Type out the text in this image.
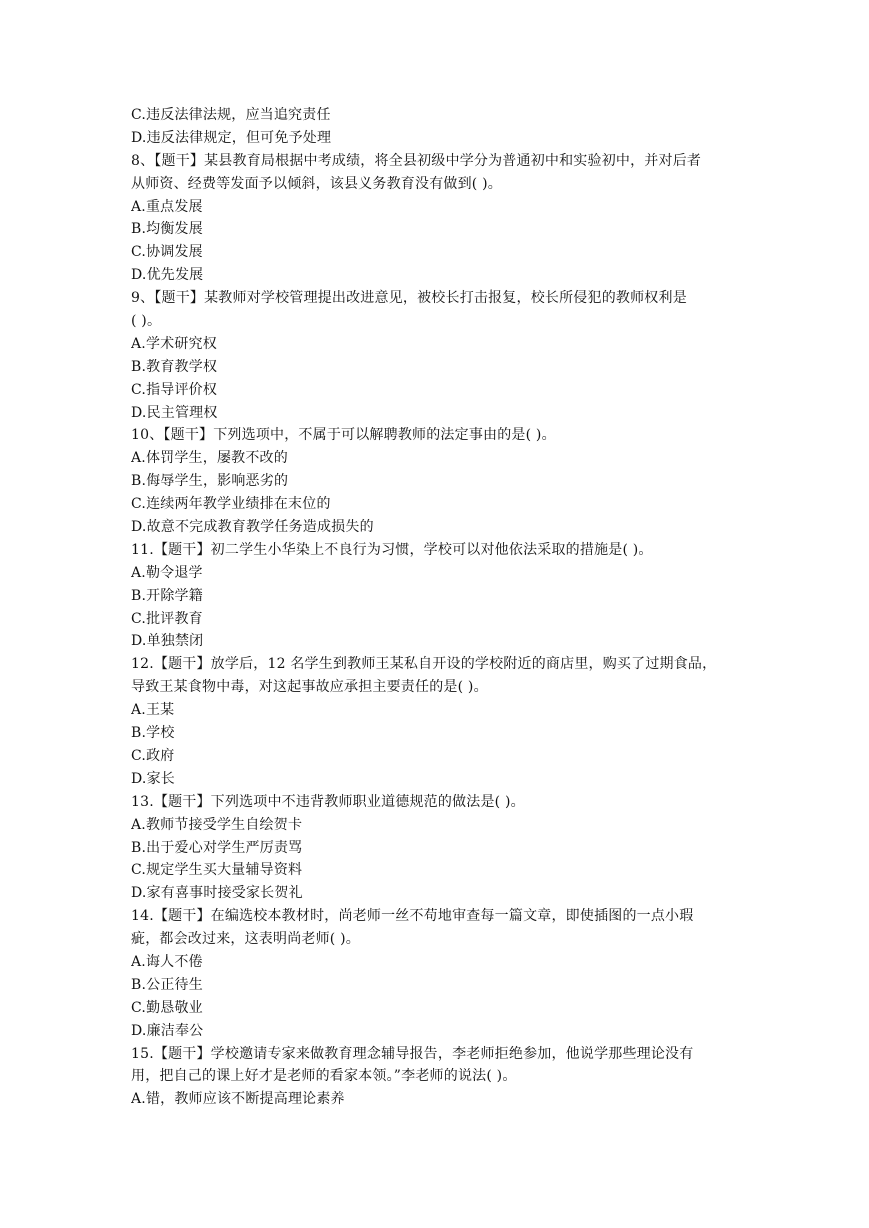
C.违反法律法规，应当追究责任
D.违反法律规定，但可免予处理
8、【题干】某县教育局根据中考成绩，将全县初级中学分为普通初中和实验初中，并对后者
从师资、经费等发面予以倾斜，该县义务教育没有做到( )。
A.重点发展
B.均衡发展
C.协调发展
D.优先发展
9、【题干】某教师对学校管理提出改进意见，被校长打击报复，校长所侵犯的教师权利是
( )。
A.学术研究权
B.教育教学权
C.指导评价权
D.民主管理权
10、【题干】下列选项中，不属于可以解聘教师的法定事由的是( )。
A.体罚学生，屡教不改的
B.侮辱学生，影响恶劣的
C.连续两年教学业绩排在末位的
D.故意不完成教育教学任务造成损失的
11.【题干】初二学生小华染上不良行为习惯，学校可以对他依法采取的措施是( )。
A.勒令退学
B.开除学籍
C.批评教育
D.单独禁闭
12.【题干】放学后，12 名学生到教师王某私自开设的学校附近的商店里，购买了过期食品，
导致王某食物中毒，对这起事故应承担主要责任的是( )。
A.王某
B.学校
C.政府
D.家长
13.【题干】下列选项中不违背教师职业道德规范的做法是( )。
A.教师节接受学生自绘贺卡
B.出于爱心对学生严厉责骂
C.规定学生买大量辅导资料
D.家有喜事时接受家长贺礼
14.【题干】在编选校本教材时，尚老师一丝不苟地审查每一篇文章，即使插图的一点小瑕
疵，都会改过来，这表明尚老师( )。
A.诲人不倦
B.公正待生
C.勤恳敬业
D.廉洁奉公
15.【题干】学校邀请专家来做教育理念辅导报告，李老师拒绝参加，他说学那些理论没有
用，把自己的课上好才是老师的看家本领。”李老师的说法( )。
A.错，教师应该不断提高理论素养
